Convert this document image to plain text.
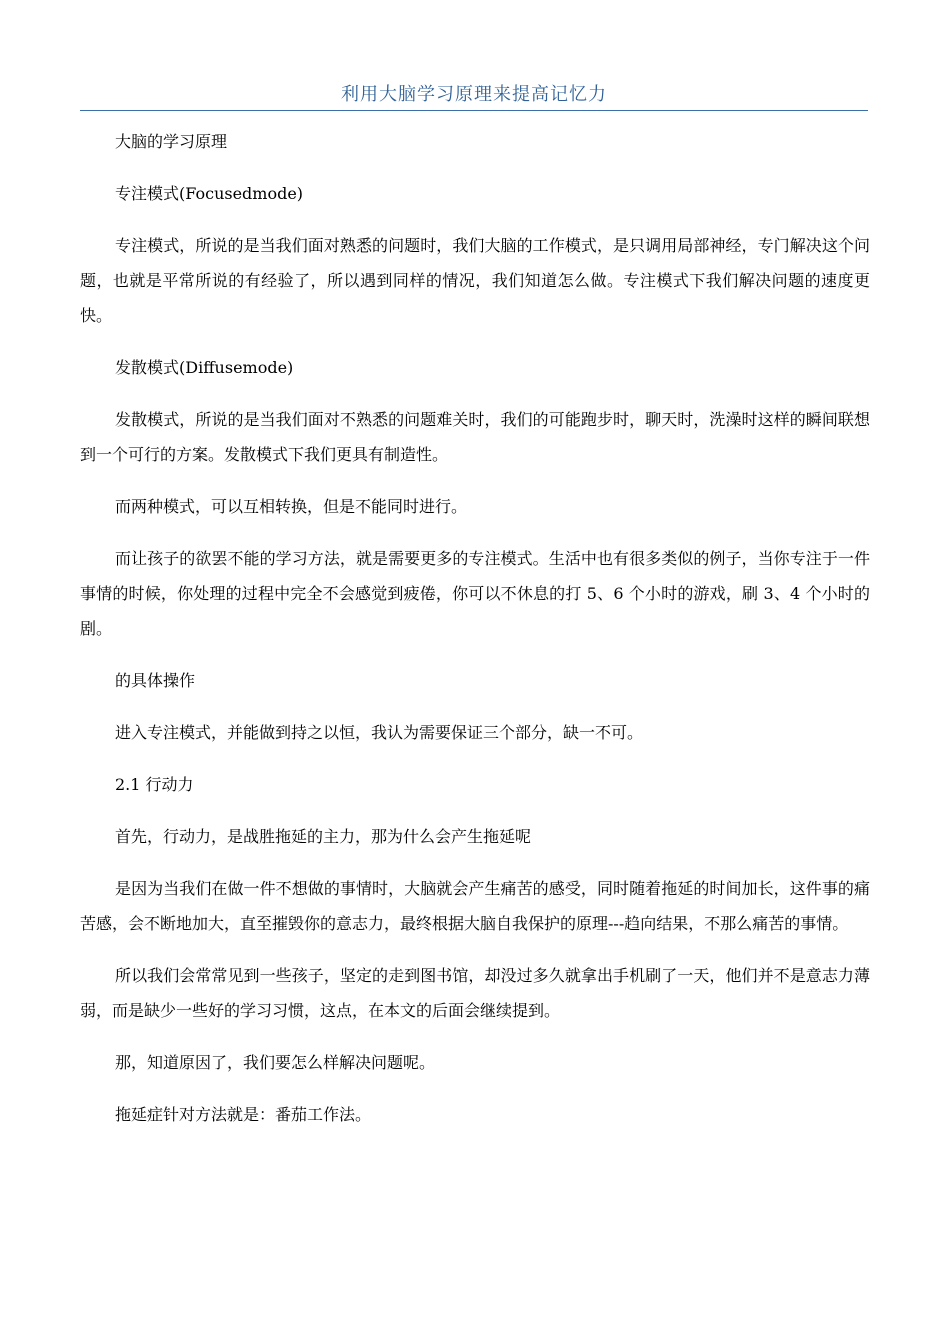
利用大脑学习原理来提高记忆力

大脑的学习原理

专注模式(Focusedmode)

专注模式，所说的是当我们面对熟悉的问题时，我们大脑的工作模式，是只调用局部神经，专门解决这个问题，也就是平常所说的有经验了，所以遇到同样的情况，我们知道怎么做。专注模式下我们解决问题的速度更快。

发散模式(Diffusemode)

发散模式，所说的是当我们面对不熟悉的问题难关时，我们的可能跑步时，聊天时，洗澡时这样的瞬间联想到一个可行的方案。发散模式下我们更具有制造性。

而两种模式，可以互相转换，但是不能同时进行。

而让孩子的欲罢不能的学习方法，就是需要更多的专注模式。生活中也有很多类似的例子，当你专注于一件事情的时候，你处理的过程中完全不会感觉到疲倦，你可以不休息的打 5、6 个小时的游戏，刷 3、4 个小时的剧。

的具体操作

进入专注模式，并能做到持之以恒，我认为需要保证三个部分，缺一不可。

2.1 行动力

首先，行动力，是战胜拖延的主力，那为什么会产生拖延呢

是因为当我们在做一件不想做的事情时，大脑就会产生痛苦的感受，同时随着拖延的时间加长，这件事的痛苦感，会不断地加大，直至摧毁你的意志力，最终根据大脑自我保护的原理---趋向结果，不那么痛苦的事情。

所以我们会常常见到一些孩子，坚定的走到图书馆，却没过多久就拿出手机刷了一天，他们并不是意志力薄弱，而是缺少一些好的学习习惯，这点，在本文的后面会继续提到。

那，知道原因了，我们要怎么样解决问题呢。

拖延症针对方法就是：番茄工作法。
